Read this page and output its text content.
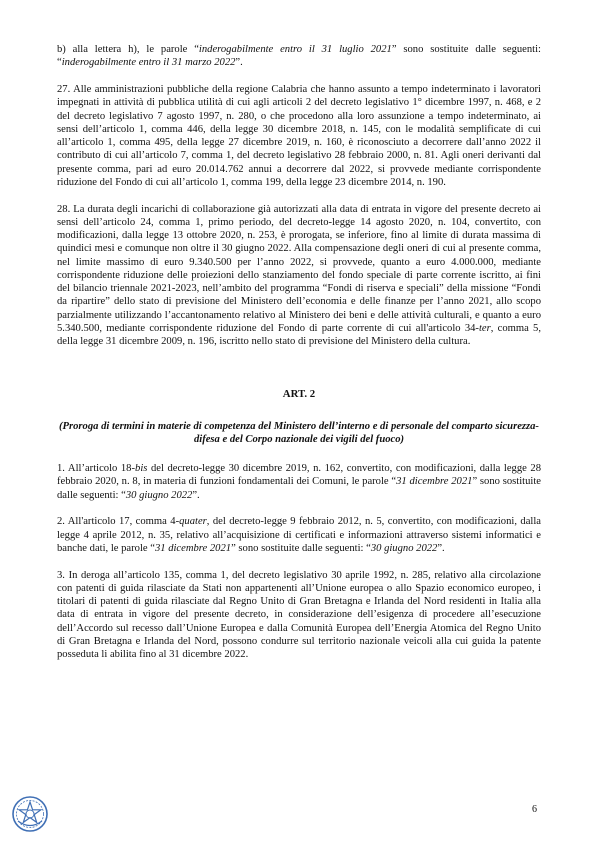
b) alla lettera h), le parole “inderogabilmente entro il 31 luglio 2021” sono sostituite dalle seguenti: “inderogabilmente entro il 31 marzo 2022”.

27. Alle amministrazioni pubbliche della regione Calabria che hanno assunto a tempo indeterminato i lavoratori impegnati in attività di pubblica utilità di cui agli articoli 2 del decreto legislativo 1° dicembre 1997, n. 468, e 2 del decreto legislativo 7 agosto 1997, n. 280, o che procedono alla loro assunzione a tempo indeterminato, ai sensi dell’articolo 1, comma 446, della legge 30 dicembre 2018, n. 145, con le modalità semplificate di cui all’articolo 1, comma 495, della legge 27 dicembre 2019, n. 160, è riconosciuto a decorrere dall’anno 2022 il contributo di cui all’articolo 7, comma 1, del decreto legislativo 28 febbraio 2000, n. 81. Agli oneri derivanti dal presente comma, pari ad euro 20.014.762 annui a decorrere dal 2022, si provvede mediante corrispondente riduzione del Fondo di cui all’articolo 1, comma 199, della legge 23 dicembre 2014, n. 190.

28. La durata degli incarichi di collaborazione già autorizzati alla data di entrata in vigore del presente decreto ai sensi dell’articolo 24, comma 1, primo periodo, del decreto-legge 14 agosto 2020, n. 104, convertito, con modificazioni, dalla legge 13 ottobre 2020, n. 253, è prorogata, se inferiore, fino al limite di durata massima di quindici mesi e comunque non oltre il 30 giugno 2022. Alla compensazione degli oneri di cui al presente comma, nel limite massimo di euro 9.340.500 per l’anno 2022, si provvede, quanto a euro 4.000.000, mediante corrispondente riduzione delle proiezioni dello stanziamento del fondo speciale di parte corrente iscritto, ai fini del bilancio triennale 2021-2023, nell’ambito del programma “Fondi di riserva e speciali” della missione “Fondi da ripartire” dello stato di previsione del Ministero dell’economia e delle finanze per l’anno 2021, allo scopo parzialmente utilizzando l’accantonamento relativo al Ministero dei beni e delle attività culturali, e quanto a euro 5.340.500, mediante corrispondente riduzione del Fondo di parte corrente di cui all'articolo 34-ter, comma 5, della legge 31 dicembre 2009, n. 196, iscritto nello stato di previsione del Ministero della cultura.

ART. 2
(Proroga di termini in materie di competenza del Ministero dell’interno e di personale del comparto sicurezza-difesa e del Corpo nazionale dei vigili del fuoco)

1. All’articolo 18-bis del decreto-legge 30 dicembre 2019, n. 162, convertito, con modificazioni, dalla legge 28 febbraio 2020, n. 8, in materia di funzioni fondamentali dei Comuni, le parole “31 dicembre 2021” sono sostituite dalle seguenti: “30 giugno 2022”.

2. All'articolo 17, comma 4-quater, del decreto-legge 9 febbraio 2012, n. 5, convertito, con modificazioni, dalla legge 4 aprile 2012, n. 35, relativo all’acquisizione di certificati e informazioni attraverso sistemi informatici e banche dati, le parole “31 dicembre 2021” sono sostituite dalle seguenti: “30 giugno 2022”.

3. In deroga all’articolo 135, comma 1, del decreto legislativo 30 aprile 1992, n. 285, relativo alla circolazione con patenti di guida rilasciate da Stati non appartenenti all’Unione europea o allo Spazio economico europeo, i titolari di patenti di guida rilasciate dal Regno Unito di Gran Bretagna e Irlanda del Nord residenti in Italia alla data di entrata in vigore del presente decreto, in considerazione dell’esigenza di procedere all’esecuzione dell’Accordo sul recesso dall’Unione Europea e dalla Comunità Europea dell’Energia Atomica del Regno Unito di Gran Bretagna e Irlanda del Nord, possono condurre sul territorio nazionale veicoli alla cui guida la patente posseduta li abilita fino al 31 dicembre 2022.

6
